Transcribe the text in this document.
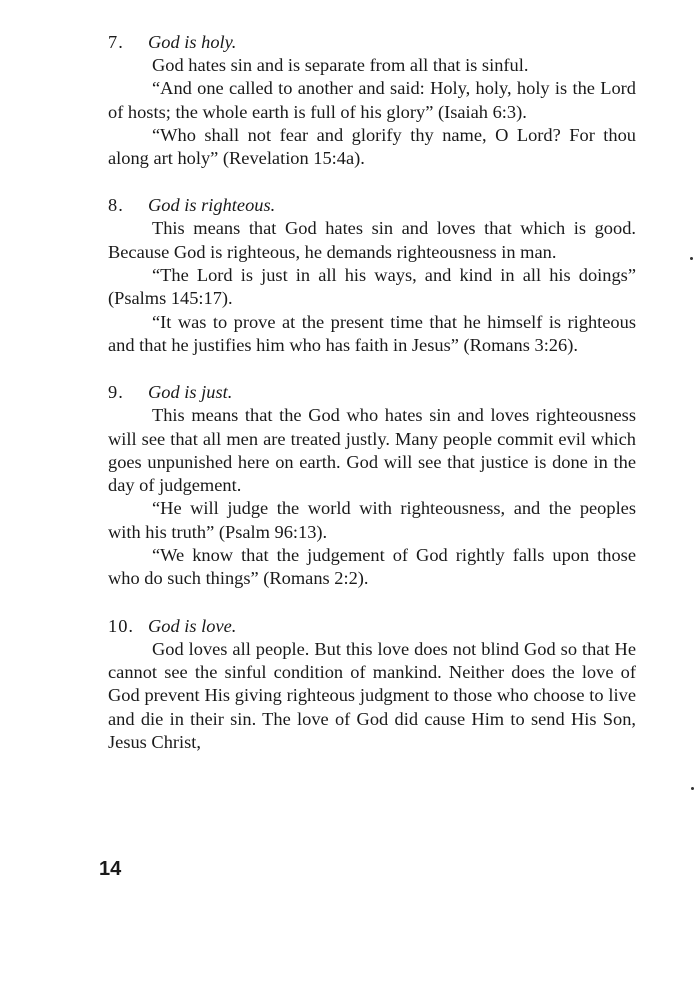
7. God is holy.

God hates sin and is separate from all that is sinful.

“And one called to another and said: Holy, holy, holy is the Lord of hosts; the whole earth is full of his glory” (Isaiah 6:3).

“Who shall not fear and glorify thy name, O Lord? For thou along art holy” (Revelation 15:4a).

8. God is righteous.

This means that God hates sin and loves that which is good. Because God is righteous, he demands righteousness in man.

“The Lord is just in all his ways, and kind in all his doings” (Psalms 145:17).

“It was to prove at the present time that he himself is righteous and that he justifies him who has faith in Jesus” (Romans 3:26).

9. God is just.

This means that the God who hates sin and loves righteousness will see that all men are treated justly. Many people commit evil which goes unpunished here on earth. God will see that justice is done in the day of judgement.

“He will judge the world with righteousness, and the peoples with his truth” (Psalm 96:13).

“We know that the judgement of God rightly falls upon those who do such things” (Romans 2:2).

10. God is love.

God loves all people. But this love does not blind God so that He cannot see the sinful condition of mankind. Neither does the love of God prevent His giving righteous judgment to those who choose to live and die in their sin. The love of God did cause Him to send His Son, Jesus Christ,

14
